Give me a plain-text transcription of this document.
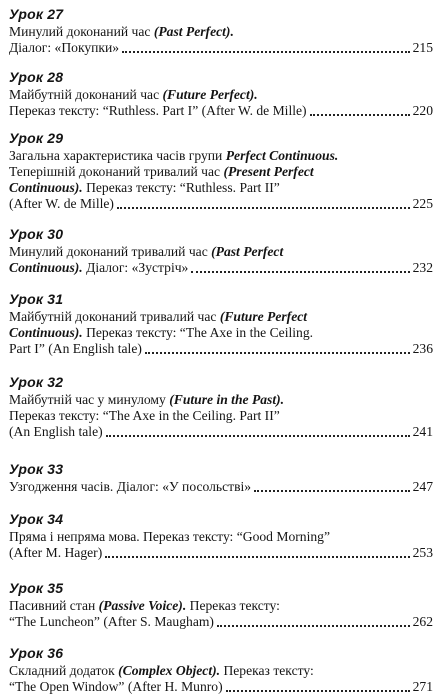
Урок 27
Минулий доконаний час (Past Perfect).
Діалог: «Покупки»	215
Урок 28
Майбутній доконаний час (Future Perfect).
Переказ тексту: “Ruthless. Part I” (After W. de Mille)	220
Урок 29
Загальна характеристика часів групи Perfect Continuous.
Теперішній доконаний тривалий час (Present Perfect
Continuous). Переказ тексту: “Ruthless. Part II”
(After W. de Mille)	225
Урок 30
Минулий доконаний тривалий час (Past Perfect
Continuous). Діалог: «Зустріч»	232
Урок 31
Майбутній доконаний тривалий час (Future Perfect
Continuous). Переказ тексту: “The Axe in the Ceiling.
Part I” (An English tale)	236
Урок 32
Майбутній час у минулому (Future in the Past).
Переказ тексту: “The Axe in the Ceiling. Part II”
(An English tale)	241
Урок 33
Узгодження часів. Діалог: «У посольстві»	247
Урок 34
Пряма і непряма мова. Переказ тексту: “Good Morning”
(After M. Hager)	253
Урок 35
Пасивний стан (Passive Voice). Переказ тексту:
“The Luncheon” (After S. Maugham)	262
Урок 36
Складний додаток (Complex Object). Переказ тексту:
“The Open Window” (After H. Munro)	271
